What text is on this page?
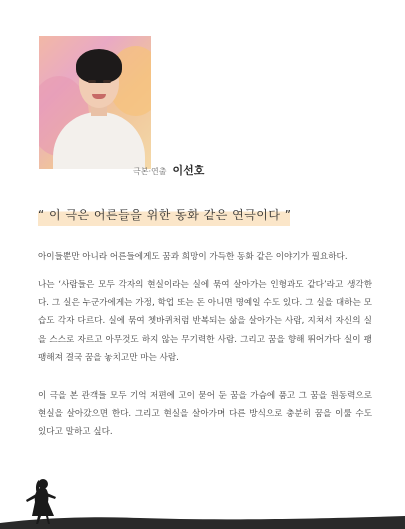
극본·연출 이선호
“ 이 극은 어른들을 위한 동화 같은 연극이다 ”

아이들뿐만 아니라 어른들에게도 꿈과 희망이 가득한 동화 같은 이야기가 필요하다.

나는 ‘사람들은 모두 각자의 현실이라는 실에 묶여 살아가는 인형과도 같다’라고 생각한다. 그 실은 누군가에게는 가정, 학업 또는 돈 아니면 명예일 수도 있다. 그 실을 대하는 모습도 각자 다르다. 실에 묶여 쳇바퀴처럼 반복되는 삶을 살아가는 사람, 지쳐서 자신의 실을 스스로 자르고 아무것도 하지 않는 무기력한 사람. 그리고 꿈을 향해 뛰어가다 실이 팽팽해져 결국 꿈을 놓치고만 마는 사람.

이 극을 본 관객들 모두 기억 저편에 고이 묻어 둔 꿈을 가슴에 품고 그 꿈을 원동력으로 현실을 살아갔으면 한다. 그리고 현실을 살아가며 다른 방식으로 충분히 꿈을 이룰 수도 있다고 말하고 싶다.
